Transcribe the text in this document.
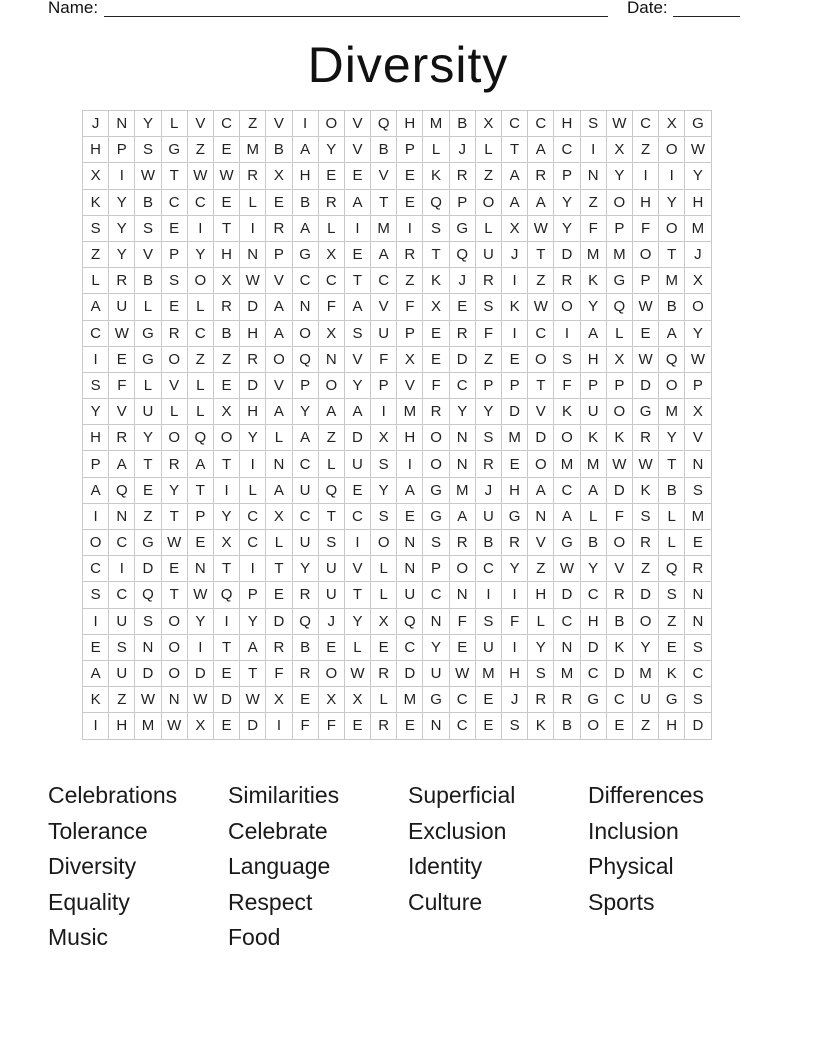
Name:	Date:
Diversity
J	N	Y	L	V	C	Z	V	I	O	V	Q	H	M	B	X	C	C	H	S	W	C	X	G
H	P	S	G	Z	E	M	B	A	Y	V	B	P	L	J	L	T	A	C	I	X	Z	O	W
X	I	W	T	W	W	R	X	H	E	E	V	E	K	R	Z	A	R	P	N	Y	I	I	Y
K	Y	B	C	C	E	L	E	B	R	A	T	E	Q	P	O	A	A	Y	Z	O	H	Y	H
S	Y	S	E	I	T	I	R	A	L	I	M	I	S	G	L	X	W	Y	F	P	F	O	M
Z	Y	V	P	Y	H	N	P	G	X	E	A	R	T	Q	U	J	T	D	M	M	O	T	J
L	R	B	S	O	X	W	V	C	C	T	C	Z	K	J	R	I	Z	R	K	G	P	M	X
A	U	L	E	L	R	D	A	N	F	A	V	F	X	E	S	K	W	O	Y	Q	W	B	O
C	W	G	R	C	B	H	A	O	X	S	U	P	E	R	F	I	C	I	A	L	E	A	Y
I	E	G	O	Z	Z	R	O	Q	N	V	F	X	E	D	Z	E	O	S	H	X	W	Q	W
S	F	L	V	L	E	D	V	P	O	Y	P	V	F	C	P	P	T	F	P	P	D	O	P
Y	V	U	L	L	X	H	A	Y	A	A	I	M	R	Y	Y	D	V	K	U	O	G	M	X
H	R	Y	O	Q	O	Y	L	A	Z	D	X	H	O	N	S	M	D	O	K	K	R	Y	V
P	A	T	R	A	T	I	N	C	L	U	S	I	O	N	R	E	O	M	M	W	W	T	N
A	Q	E	Y	T	I	L	A	U	Q	E	Y	A	G	M	J	H	A	C	A	D	K	B	S
I	N	Z	T	P	Y	C	X	C	T	C	S	E	G	A	U	G	N	A	L	F	S	L	M
O	C	G	W	E	X	C	L	U	S	I	O	N	S	R	B	R	V	G	B	O	R	L	E
C	I	D	E	N	T	I	T	Y	U	V	L	N	P	O	C	Y	Z	W	Y	V	Z	Q	R
S	C	Q	T	W	Q	P	E	R	U	T	L	U	C	N	I	I	H	D	C	R	D	S	N
I	U	S	O	Y	I	Y	D	Q	J	Y	X	Q	N	F	S	F	L	C	H	B	O	Z	N
E	S	N	O	I	T	A	R	B	E	L	E	C	Y	E	U	I	Y	N	D	K	Y	E	S
A	U	D	O	D	E	T	F	R	O	W	R	D	U	W	M	H	S	M	C	D	M	K	C
K	Z	W	N	W	D	W	X	E	X	X	L	M	G	C	E	J	R	R	G	C	U	G	S
I	H	M	W	X	E	D	I	F	F	E	R	E	N	C	E	S	K	B	O	E	Z	H	D
Celebrations	Similarities	Superficial	Differences
Tolerance	Celebrate	Exclusion	Inclusion
Diversity	Language	Identity	Physical
Equality	Respect	Culture	Sports
Music	Food
